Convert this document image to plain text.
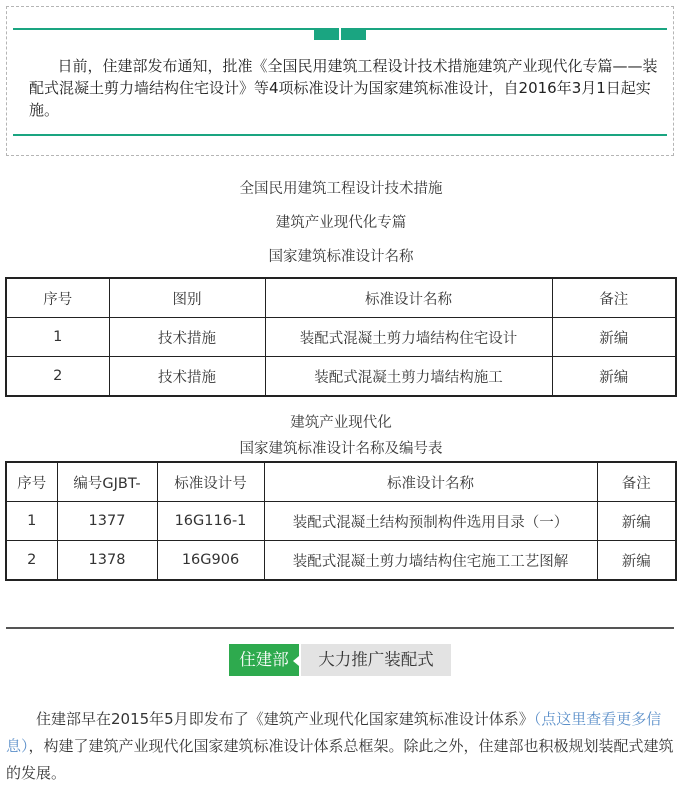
日前，住建部发布通知，批准《全国民用建筑工程设计技术措施建筑产业现代化专篇——装配式混凝土剪力墙结构住宅设计》等4项标准设计为国家建筑标准设计，自2016年3月1日起实施。

全国民用建筑工程设计技术措施

建筑产业现代化专篇

国家建筑标准设计名称

序号	图别	标准设计名称	备注
1	技术措施	装配式混凝土剪力墙结构住宅设计	新编
2	技术措施	装配式混凝土剪力墙结构施工	新编

建筑产业现代化

国家建筑标准设计名称及编号表

序号	编号GJBT-	标准设计号	标准设计名称	备注
1	1377	16G116-1	装配式混凝土结构预制构件选用目录（一）	新编
2	1378	16G906	装配式混凝土剪力墙结构住宅施工工艺图解	新编
住建部	大力推广装配式

住建部早在2015年5月即发布了《建筑产业现代化国家建筑标准设计体系》（点这里查看更多信息），构建了建筑产业现代化国家建筑标准设计体系总框架。除此之外，住建部也积极规划装配式建筑的发展。
